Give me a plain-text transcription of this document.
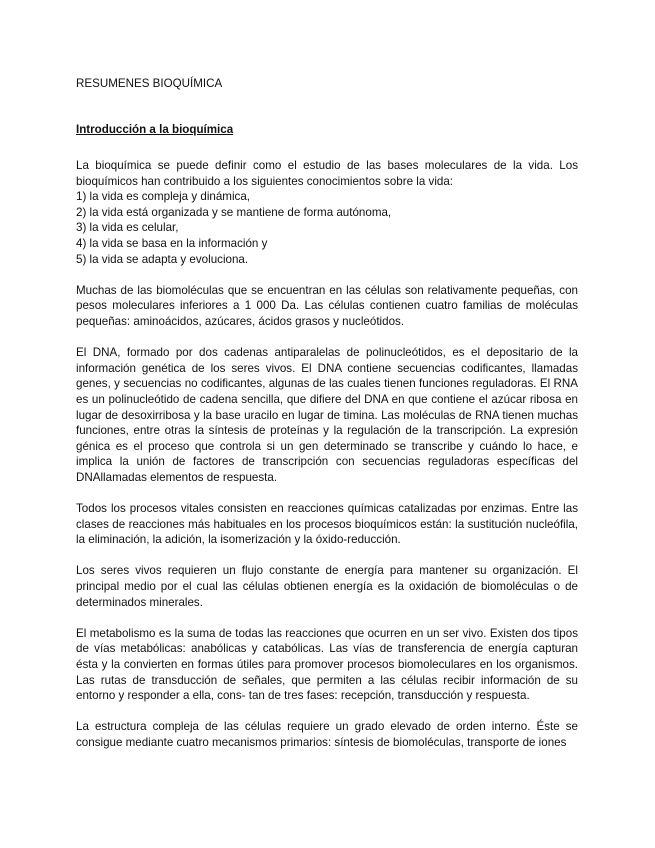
RESUMENES BIOQUÍMICA
Introducción a la bioquímica

La bioquímica se puede definir como el estudio de las bases moleculares de la vida. Los bioquímicos han contribuido a los siguientes conocimientos sobre la vida:
1) la vida es compleja y dinámica,
2) la vida está organizada y se mantiene de forma autónoma,
3) la vida es celular,
4) la vida se basa en la información y
5) la vida se adapta y evoluciona.

Muchas de las biomoléculas que se encuentran en las células son relativamente pequeñas, con pesos moleculares inferiores a 1 000 Da. Las células contienen cuatro familias de moléculas pequeñas: aminoácidos, azúcares, ácidos grasos y nucleótidos.

El DNA, formado por dos cadenas antiparalelas de polinucleótidos, es el depositario de la información genética de los seres vivos. El DNA contiene secuencias codificantes, llamadas genes, y secuencias no codificantes, algunas de las cuales tienen funciones reguladoras. El RNA es un polinucleótido de cadena sencilla, que difiere del DNA en que contiene el azúcar ribosa en lugar de desoxirribosa y la base uracilo en lugar de timina. Las moléculas de RNA tienen muchas funciones, entre otras la síntesis de proteínas y la regulación de la transcripción. La expresión génica es el proceso que controla si un gen determinado se transcribe y cuándo lo hace, e implica la unión de factores de transcripción con secuencias reguladoras específicas del DNAllamadas elementos de respuesta.

Todos los procesos vitales consisten en reacciones químicas catalizadas por enzimas. Entre las clases de reacciones más habituales en los procesos bioquímicos están: la sustitución nucleófila, la eliminación, la adición, la isomerización y la óxido-reducción.

Los seres vivos requieren un flujo constante de energía para mantener su organización. El principal medio por el cual las células obtienen energía es la oxidación de biomoléculas o de determinados minerales.

El metabolismo es la suma de todas las reacciones que ocurren en un ser vivo. Existen dos tipos de vías metabólicas: anabólicas y catabólicas. Las vías de transferencia de energía capturan ésta y la convierten en formas útiles para promover procesos biomoleculares en los organismos. Las rutas de transducción de señales, que permiten a las células recibir información de su entorno y responder a ella, cons- tan de tres fases: recepción, transducción y respuesta.

La estructura compleja de las células requiere un grado elevado de orden interno. Éste se consigue mediante cuatro mecanismos primarios: síntesis de biomoléculas, transporte de iones
